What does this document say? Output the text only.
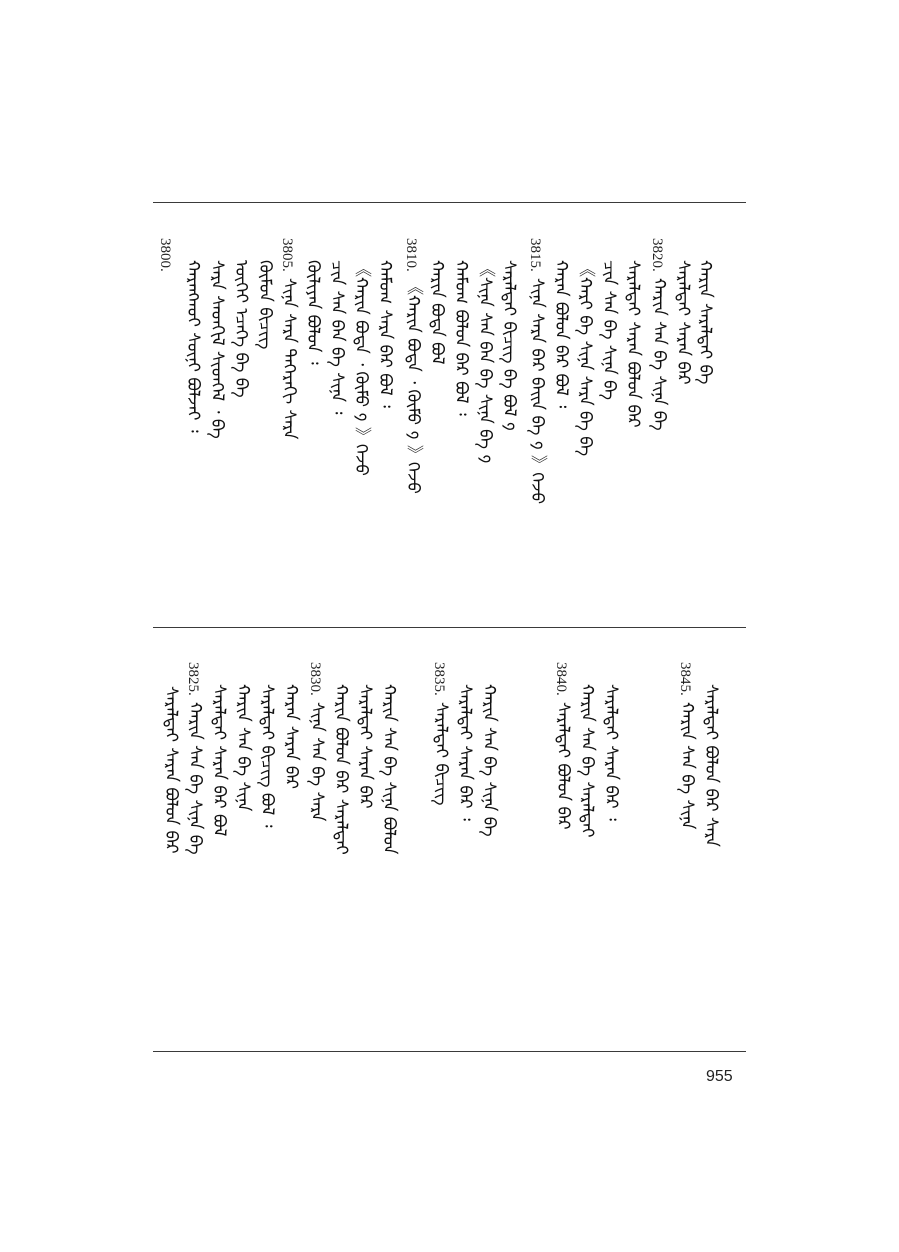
3800.	3805.	3810.	3815.	3820.
ᠬᠠᠷᠠᠩᠬᠤᠢ ᠰᠦᠨᠢ ᠪᠣᠯᠵᠠᠢ ᠄ ᠰᠠᠷᠠ ᠰᠡᠳᠬᠢᠯ ᠰᠢᠳᠬᠡᠯ ᠂ ᠪᠡ ᠦᠭᠡᠢ ᠡᠴᠡᠭᠡ ᠪᠠ ᠪᠠ ᠬᠦᠮᠦᠨ ᠪᠢᠴᠢᠭ ᠰᠢᠨᠡ ᠰᠠᠷᠠ ᠳᠡᠭᠡᠷᠡᠬᠢ ᠰᠠᠷᠠ ᠬᠦᠯᠢᠶᠡᠨ ᠪᠣᠯᠤᠨ ᠄ ᠴᠢᠨ ᠰᠠᠨ ᠪᠠᠨ ᠪᠠ ᠰᠢᠨᠡ ᠄ 《ᠬᠠᠷᠢᠨ ᠪᠤᠳᠠ ᠂ ᠬᠦᠮᠦ ᠀ 》ᠭᠡᠵᠦ ᠬᠠᠮᠤᠭ ᠰᠠᠷᠠ ᠪᠡᠷ ᠪᠣᠯ ᠄ 《ᠬᠠᠷᠢᠨ ᠪᠤᠳᠠ ᠂ ᠬᠦᠮᠦ ᠀ 》ᠭᠡᠵᠦ ᠬᠠᠷᠢᠨ ᠪᠤᠳᠠ ᠪᠣᠯ ᠬᠠᠮᠤᠭ ᠪᠣᠯᠤᠨ ᠪᠡᠷ ᠪᠣᠯ ᠄ 《ᠰᠢᠨᠡ ᠰᠠᠨ ᠪᠠᠨ ᠪᠠ ᠰᠢᠨᠡ ᠪᠠ ᠀ ᠰᠠᠷᠠᠯᠲᠠᠢ ᠪᠢᠴᠢᠭ ᠪᠠ ᠪᠣᠯ ᠀ ᠰᠢᠨᠡ ᠰᠠᠷᠠ ᠪᠡᠷ ᠪᠠᠢᠨ ᠪᠠ ᠀ 》ᠭᠡᠵᠦ ᠬᠠᠷᠠᠨ ᠪᠣᠯᠤᠨ ᠪᠡᠷ ᠪᠣᠯ ᠄ 《ᠬᠠᠷᠢ ᠪᠠ ᠰᠢᠨᠡ ᠰᠠᠷᠠ ᠪᠠ ᠪᠡ ᠴᠢᠨ ᠰᠠᠨ ᠪᠠ ᠰᠢᠨᠡ ᠪᠠ ᠰᠠᠷᠠᠯᠲᠠᠢ ᠰᠠᠷᠠᠨ ᠪᠣᠯᠤᠨ ᠪᠡᠷ ᠬᠠᠷᠢᠨ ᠰᠠᠨ ᠪᠠ ᠰᠢᠨᠡ ᠪᠠ ᠰᠠᠷᠠᠯᠲᠠᠢ ᠰᠠᠷᠠᠨ ᠪᠡᠷ ᠬᠠᠷᠢᠨ ᠰᠠᠷᠠᠯᠲᠠᠢ ᠪᠠ
3825.	3830.	3835.	3840.	3845.
ᠰᠠᠷᠠᠯᠲᠠᠢ ᠰᠠᠷᠠᠨ ᠪᠣᠯᠤᠨ ᠪᠡᠷ ᠬᠠᠷᠢᠨ ᠰᠠᠨ ᠪᠠ ᠰᠢᠨᠡ ᠪᠠ ᠰᠠᠷᠠᠯᠲᠠᠢ ᠰᠠᠷᠠᠨ ᠪᠡᠷ ᠪᠣᠯ ᠬᠠᠷᠢᠨ ᠰᠠᠨ ᠪᠠ ᠰᠢᠨᠡ ᠰᠠᠷᠠᠯᠲᠠᠢ ᠪᠢᠴᠢᠭ ᠪᠣᠯ ᠄ ᠬᠠᠷᠠᠨ ᠰᠠᠷᠠᠨ ᠪᠡᠷ ᠰᠢᠨᠡ ᠰᠠᠨ ᠪᠠ ᠰᠠᠷᠠ ᠬᠠᠷᠢᠨ ᠪᠣᠯᠤᠨ ᠪᠡᠷ ᠰᠠᠷᠠᠯᠲᠠᠢ ᠰᠠᠷᠠᠯᠲᠠᠢ ᠰᠠᠷᠠᠨ ᠪᠡᠷ ᠬᠠᠷᠢᠨ ᠰᠠᠨ ᠪᠠ ᠰᠢᠨᠡ ᠪᠣᠯᠤᠨ ᠰᠠᠷᠠᠯᠲᠠᠢ ᠪᠢᠴᠢᠭ ᠰᠠᠷᠠᠯᠲᠠᠢ ᠰᠠᠷᠠᠨ ᠪᠡᠷ ᠄ ᠬᠠᠷᠢᠨ ᠰᠠᠨ ᠪᠠ ᠰᠢᠨᠡ ᠪᠠ	ᠰᠠᠷᠠᠯᠲᠠᠢ ᠪᠣᠯᠤᠨ ᠪᠡᠷ ᠬᠠᠷᠢᠨ ᠰᠠᠨ ᠪᠠ ᠰᠠᠷᠠᠯᠲᠠᠢ ᠰᠠᠷᠠᠯᠲᠠᠢ ᠰᠠᠷᠠᠨ ᠪᠡᠷ ᠄	ᠬᠠᠷᠢᠨ ᠰᠠᠨ ᠪᠠ ᠰᠢᠨᠡ ᠰᠠᠷᠠᠯᠲᠠᠢ ᠪᠣᠯᠤᠨ ᠪᠡᠷ ᠰᠠᠷᠠ
955
